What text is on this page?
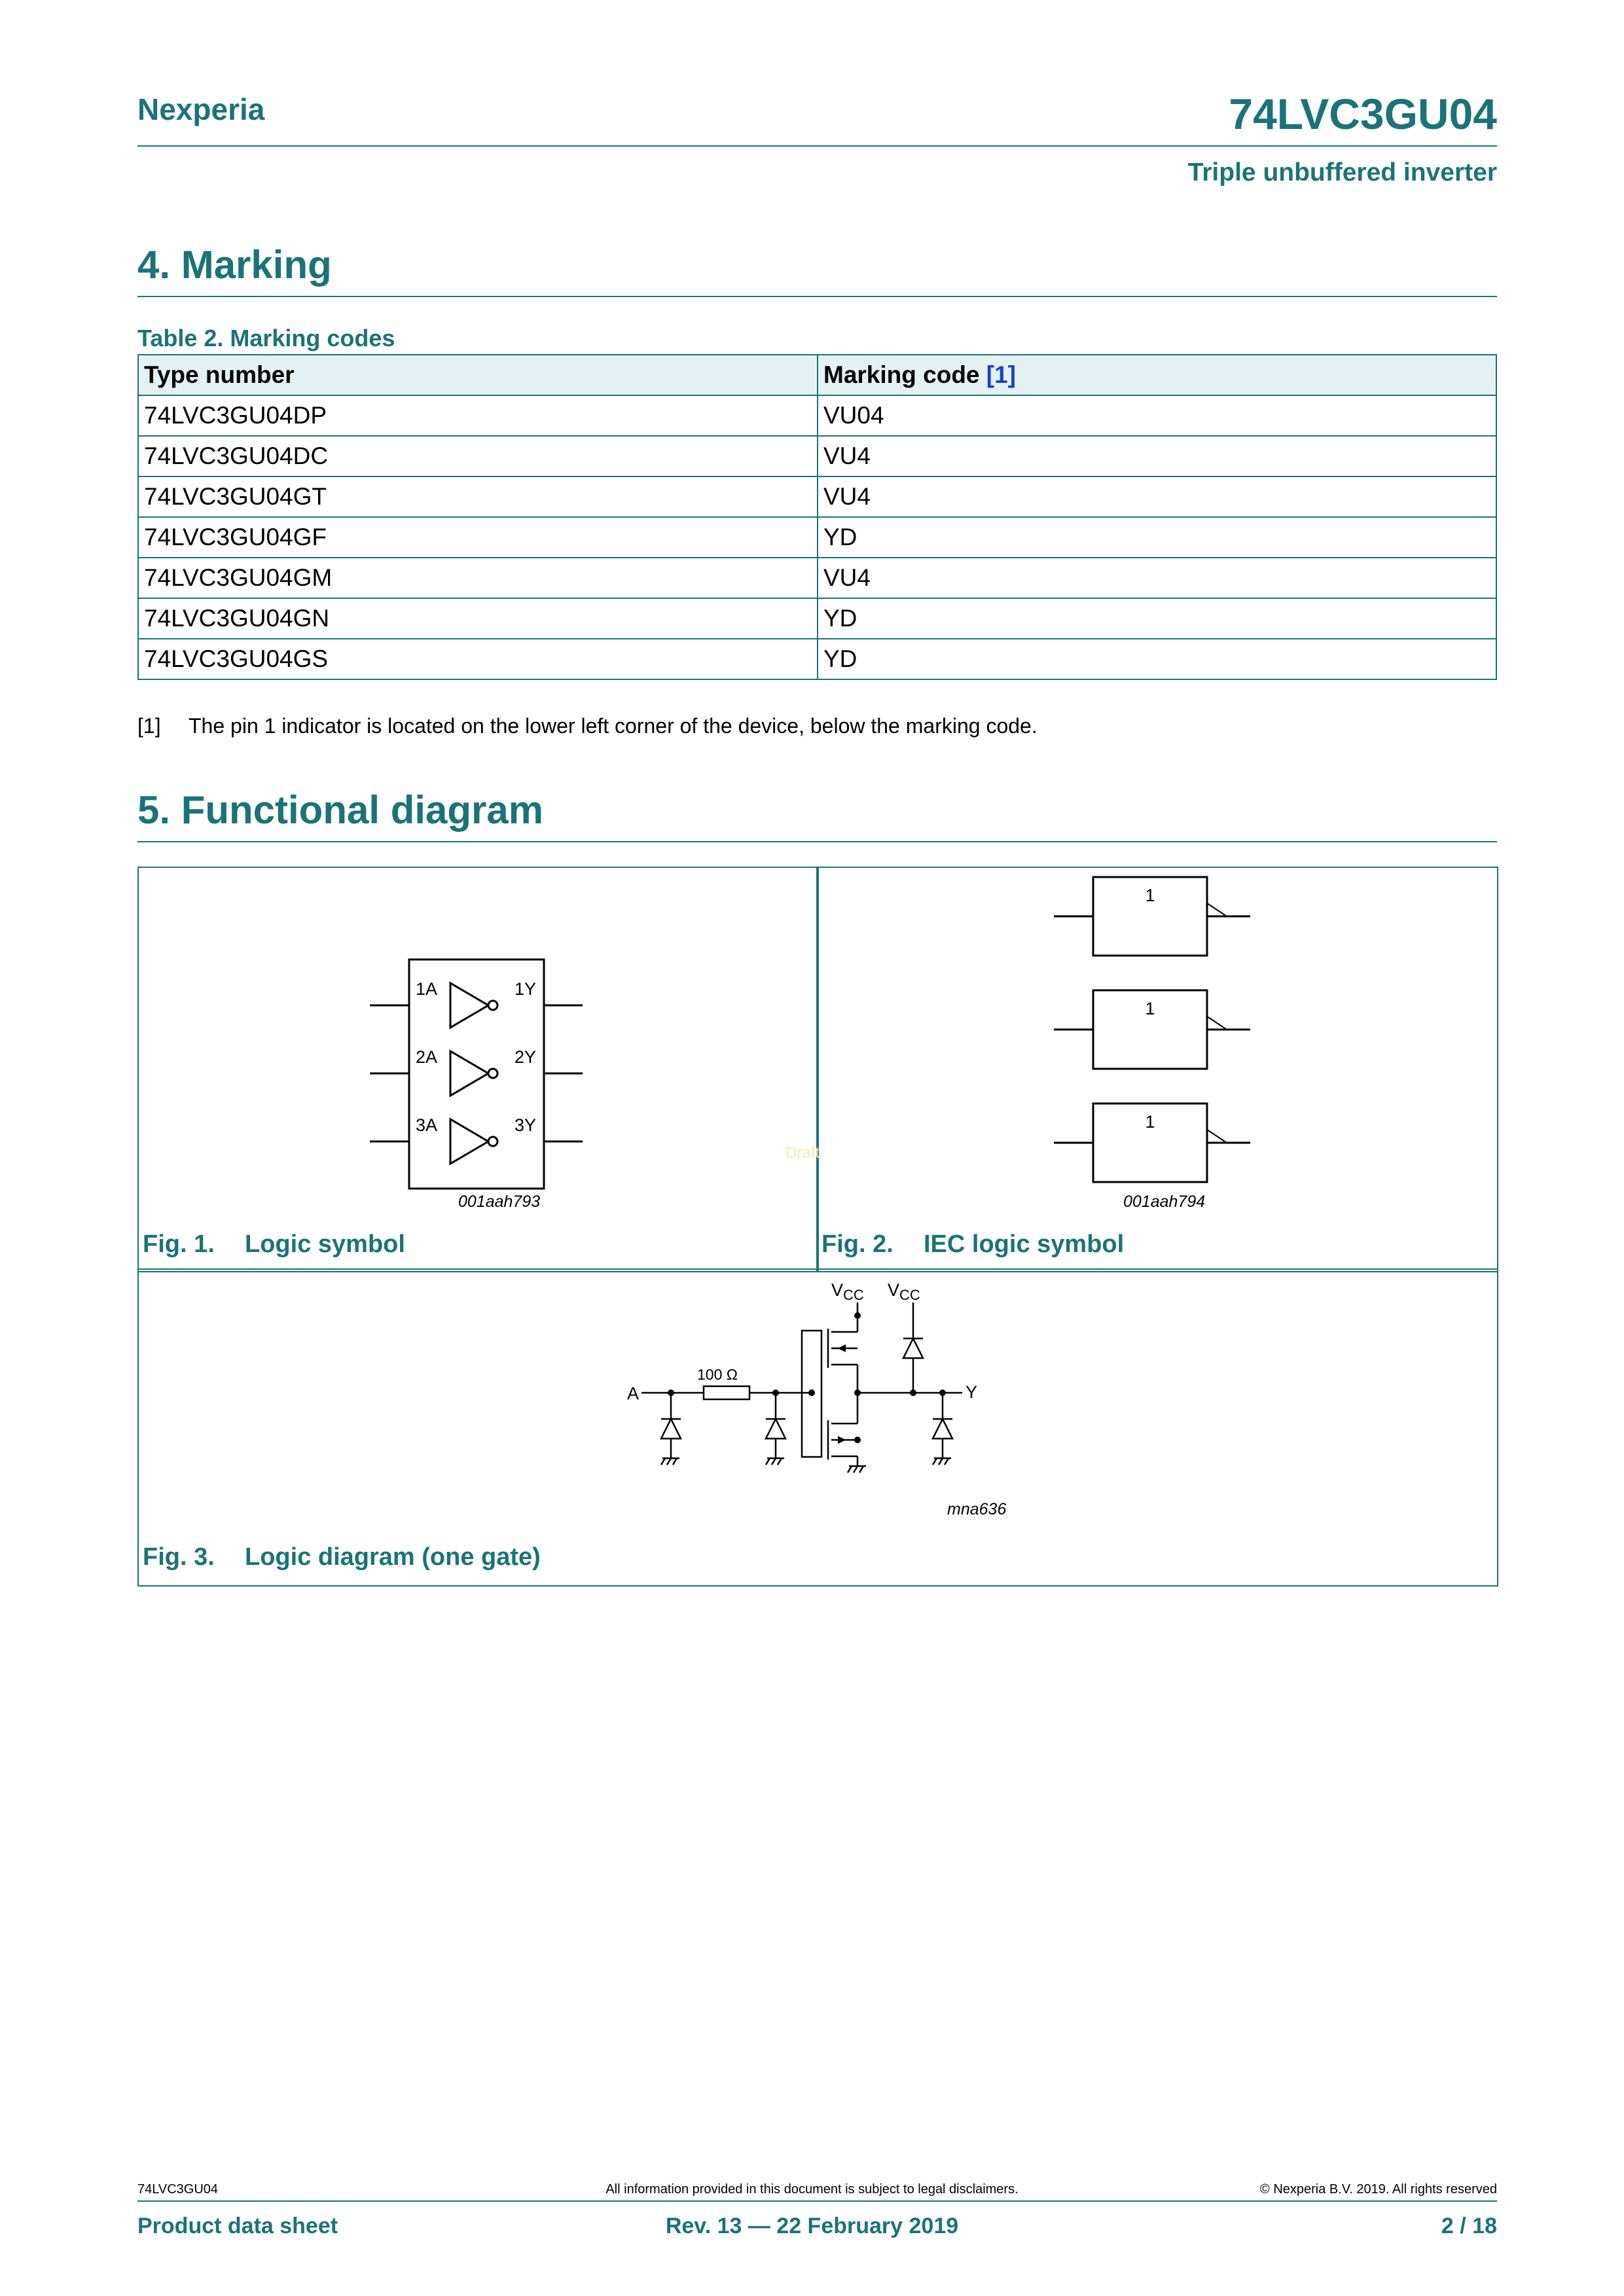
Nexperia	74LVC3GU04
Triple unbuffered inverter
4. Marking
Table 2. Marking codes
Type number	Marking code [1]
74LVC3GU04DP	VU04
74LVC3GU04DC	VU4
74LVC3GU04GT	VU4
74LVC3GU04GF	YD
74LVC3GU04GM	VU4
74LVC3GU04GN	YD
74LVC3GU04GS	YD
[1] The pin 1 indicator is located on the lower left corner of the device, below the marking code.
5. Functional diagram
1A	1Y
2A	2Y
3A	3Y
001aah793
Draft
Fig. 1. Logic symbol
1
1
1
001aah794
Fig. 2. IEC logic symbol
A	Y
100 Ω
$V_{CC}$ $V_{CC}$
mna636
Fig. 3. Logic diagram (one gate)
74LVC3GU04	All information provided in this document is subject to legal disclaimers.	© Nexperia B.V. 2019. All rights reserved
Product data sheet	Rev. 13 — 22 February 2019	2 / 18
